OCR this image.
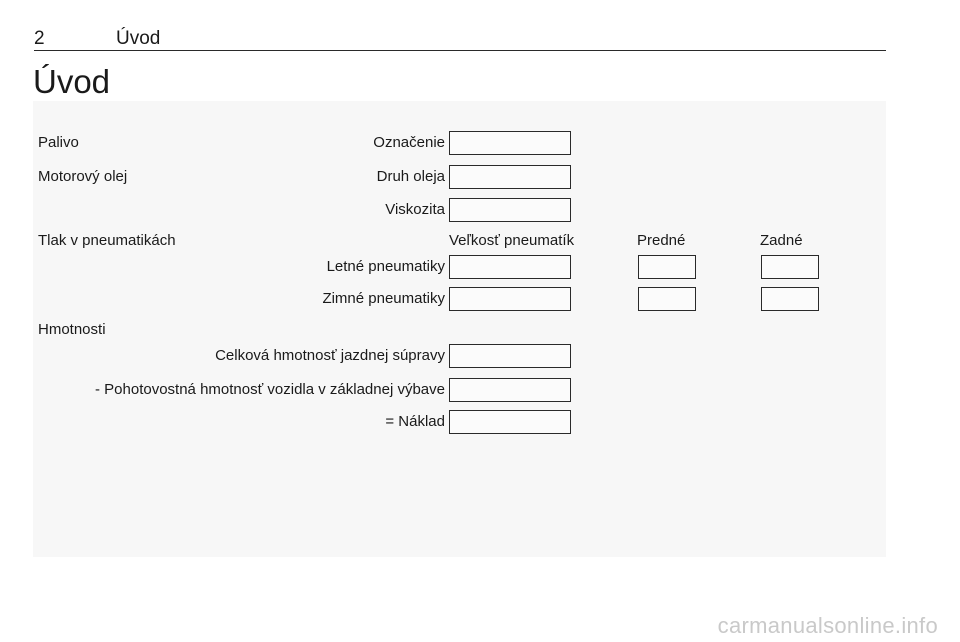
2	Úvod
Úvod
Palivo	Označenie
Motorový olej	Druh oleja
Viskozita
Tlak v pneumatikách	Veľkosť pneumatík	Predné	Zadné
Letné pneumatiky
Zimné pneumatiky
Hmotnosti
Celková hmotnosť jazdnej súpravy
- Pohotovostná hmotnosť vozidla v základnej výbave
= Náklad
carmanualsonline.info
